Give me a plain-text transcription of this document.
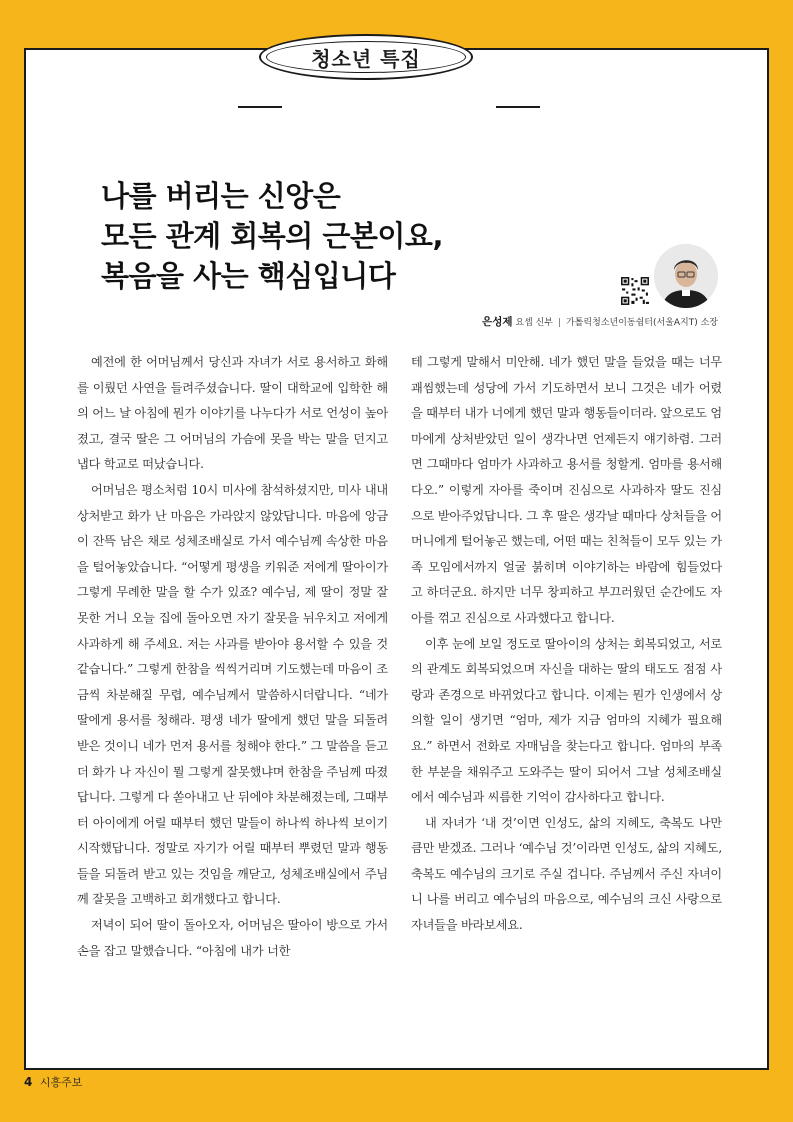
청소년 특집
나를 버리는 신앙은
모든 관계 회복의 근본이요,
복음을 사는 핵심입니다
은성제 요셉 신부 | 가톨릭청소년이동쉼터(서울A지T) 소장

예전에 한 어머님께서 당신과 자녀가 서로 용서하고 화해를 이뤘던 사연을 들려주셨습니다. 딸이 대학교에 입학한 해의 어느 날 아침에 뭔가 이야기를 나누다가 서로 언성이 높아졌고, 결국 딸은 그 어머님의 가슴에 못을 박는 말을 던지고 냅다 학교로 떠났습니다.

어머님은 평소처럼 10시 미사에 참석하셨지만, 미사 내내 상처받고 화가 난 마음은 가라앉지 않았답니다. 마음에 앙금이 잔뜩 남은 채로 성체조배실로 가서 예수님께 속상한 마음을 털어놓았습니다. “어떻게 평생을 키워준 저에게 딸아이가 그렇게 무례한 말을 할 수가 있죠? 예수님, 제 딸이 정말 잘못한 거니 오늘 집에 돌아오면 자기 잘못을 뉘우치고 저에게 사과하게 해 주세요. 저는 사과를 받아야 용서할 수 있을 것 같습니다.” 그렇게 한참을 씩씩거리며 기도했는데 마음이 조금씩 차분해질 무렵, 예수님께서 말씀하시더랍니다. “네가 딸에게 용서를 청해라. 평생 네가 딸에게 했던 말을 되돌려 받은 것이니 네가 먼저 용서를 청해야 한다.” 그 말씀을 듣고 더 화가 나 자신이 뭘 그렇게 잘못했냐며 한참을 주님께 따졌답니다. 그렇게 다 쏟아내고 난 뒤에야 차분해졌는데, 그때부터 아이에게 어릴 때부터 했던 말들이 하나씩 하나씩 보이기 시작했답니다. 정말로 자기가 어릴 때부터 뿌렸던 말과 행동들을 되돌려 받고 있는 것임을 깨닫고, 성체조배실에서 주님께 잘못을 고백하고 회개했다고 합니다.

저녁이 되어 딸이 돌아오자, 어머님은 딸아이 방으로 가서 손을 잡고 말했습니다. “아침에 내가 너한

테 그렇게 말해서 미안해. 네가 했던 말을 들었을 때는 너무 괘씸했는데 성당에 가서 기도하면서 보니 그것은 네가 어렸을 때부터 내가 너에게 했던 말과 행동들이더라. 앞으로도 엄마에게 상처받았던 일이 생각나면 언제든지 얘기하렴. 그러면 그때마다 엄마가 사과하고 용서를 청할게. 엄마를 용서해 다오.” 이렇게 자아를 죽이며 진심으로 사과하자 딸도 진심으로 받아주었답니다. 그 후 딸은 생각날 때마다 상처들을 어머니에게 털어놓곤 했는데, 어떤 때는 친척들이 모두 있는 가족 모임에서까지 얼굴 붉히며 이야기하는 바람에 힘들었다고 하더군요. 하지만 너무 창피하고 부끄러웠던 순간에도 자아를 꺾고 진심으로 사과했다고 합니다.

이후 눈에 보일 정도로 딸아이의 상처는 회복되었고, 서로의 관계도 회복되었으며 자신을 대하는 딸의 태도도 점점 사랑과 존경으로 바뀌었다고 합니다. 이제는 뭔가 인생에서 상의할 일이 생기면 “엄마, 제가 지금 엄마의 지혜가 필요해요.” 하면서 전화로 자매님을 찾는다고 합니다. 엄마의 부족한 부분을 채워주고 도와주는 딸이 되어서 그날 성체조배실에서 예수님과 씨름한 기억이 감사하다고 합니다.

내 자녀가 ‘내 것’이면 인성도, 삶의 지혜도, 축복도 나만큼만 받겠죠. 그러나 ‘예수님 것’이라면 인성도, 삶의 지혜도, 축복도 예수님의 크기로 주실 겁니다. 주님께서 주신 자녀이니 나를 버리고 예수님의 마음으로, 예수님의 크신 사랑으로 자녀들을 바라보세요.

4 시흥주보
